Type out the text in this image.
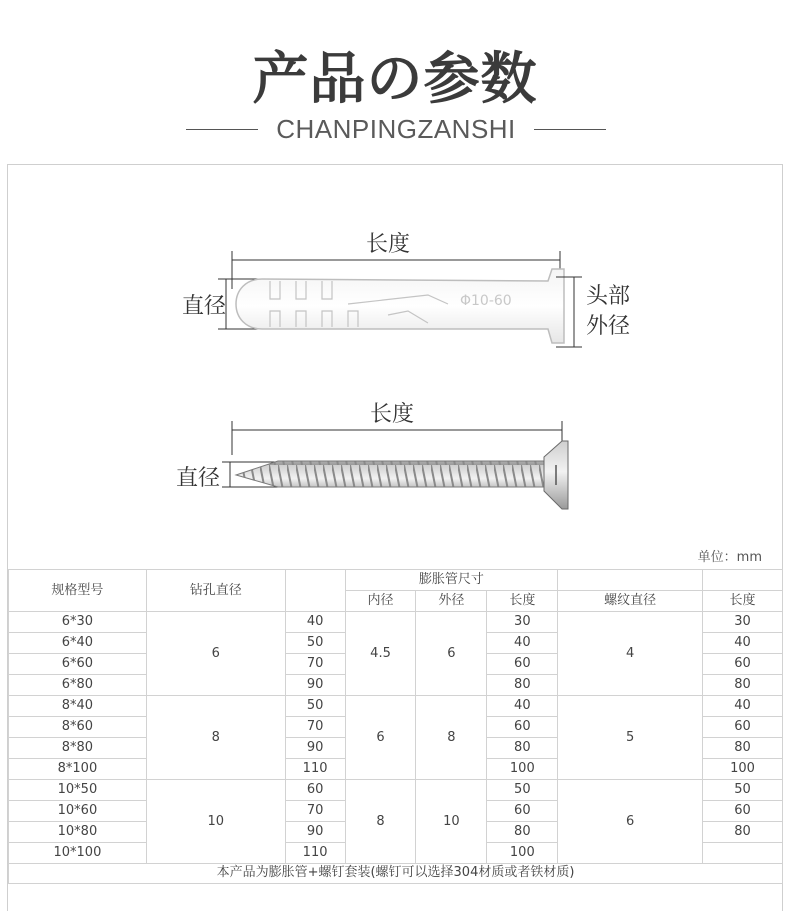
产品の参数
CHANPINGZANSHI
长度
直径	Φ10-60	头部
外径
长度
直径
单位：mm
规格型号	钻孔直径		膨胀管尺寸				
			内径	外径	长度	螺纹直径	长度
6*30	6	40	4.5	6	30	4	30
6*40		50			40		40
6*60		70			60		60
6*80		90			80		80
8*40	8	50	6	8	40	5	40
8*60		70			60		60
8*80		90			80		80
8*100		110			100		100
10*50	10	60	8	10	50	6	50
10*60		70			60		60
10*80		90			80		80
10*100		110			100		
本产品为膨胀管+螺钉套装(螺钉可以选择304材质或者铁材质)
